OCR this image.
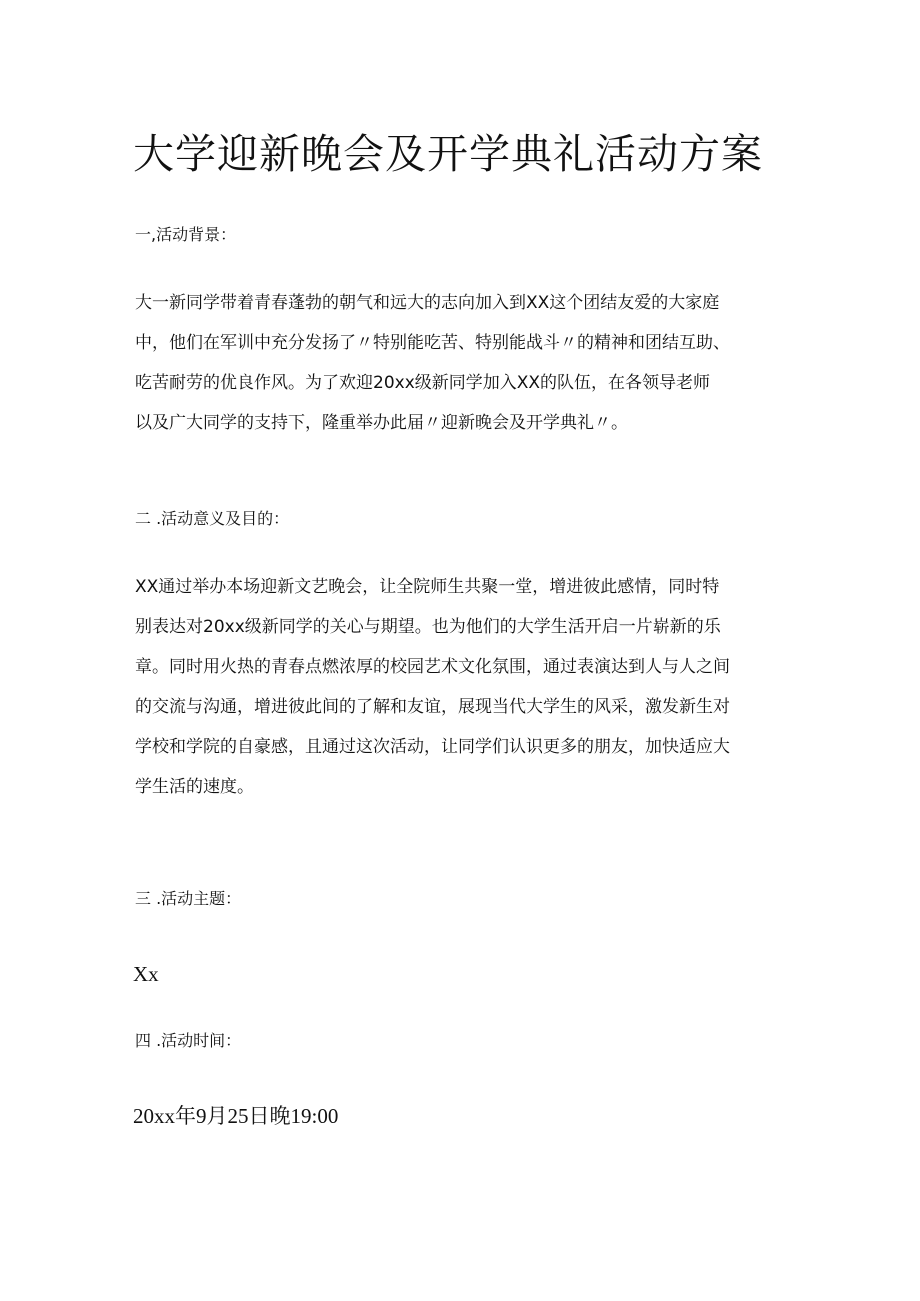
大学迎新晚会及开学典礼活动方案

一,活动背景：

大一新同学带着青春蓬勃的朝气和远大的志向加入到XX这个团结友爱的大家庭
中，他们在军训中充分发扬了〃特别能吃苦、特别能战斗〃的精神和团结互助、
吃苦耐劳的优良作风。为了欢迎20xx级新同学加入XX的队伍，在各领导老师
以及广大同学的支持下，隆重举办此届〃迎新晚会及开学典礼〃。

二 .活动意义及目的：

XX通过举办本场迎新文艺晚会，让全院师生共聚一堂，增进彼此感情，同时特
别表达对20xx级新同学的关心与期望。也为他们的大学生活开启一片崭新的乐
章。同时用火热的青春点燃浓厚的校园艺术文化氛围，通过表演达到人与人之间
的交流与沟通，增进彼此间的了解和友谊，展现当代大学生的风采，激发新生对
学校和学院的自豪感，且通过这次活动，让同学们认识更多的朋友，加快适应大
学生活的速度。

三 .活动主题：

Xx

四 .活动时间：

20xx年9月25日晚19:00
